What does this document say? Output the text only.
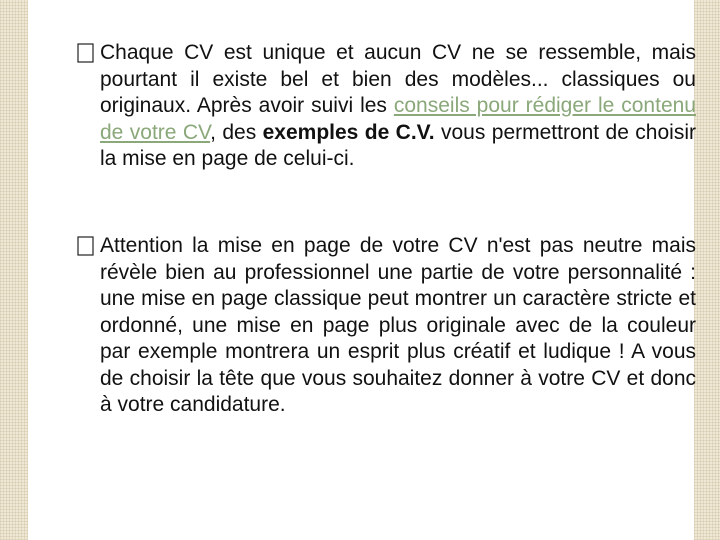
Chaque CV est unique et aucun CV ne se ressemble, mais pourtant il existe bel et bien des modèles... classiques ou originaux. Après avoir suivi les conseils pour rédiger le contenu de votre CV, des exemples de C.V. vous permettront de choisir la mise en page de celui-ci.
Attention la mise en page de votre CV n'est pas neutre mais révèle bien au professionnel une partie de votre personnalité : une mise en page classique peut montrer un caractère stricte et ordonné, une mise en page plus originale avec de la couleur par exemple montrera un esprit plus créatif et ludique ! A vous de choisir la tête que vous souhaitez donner à votre CV et donc à votre candidature.
